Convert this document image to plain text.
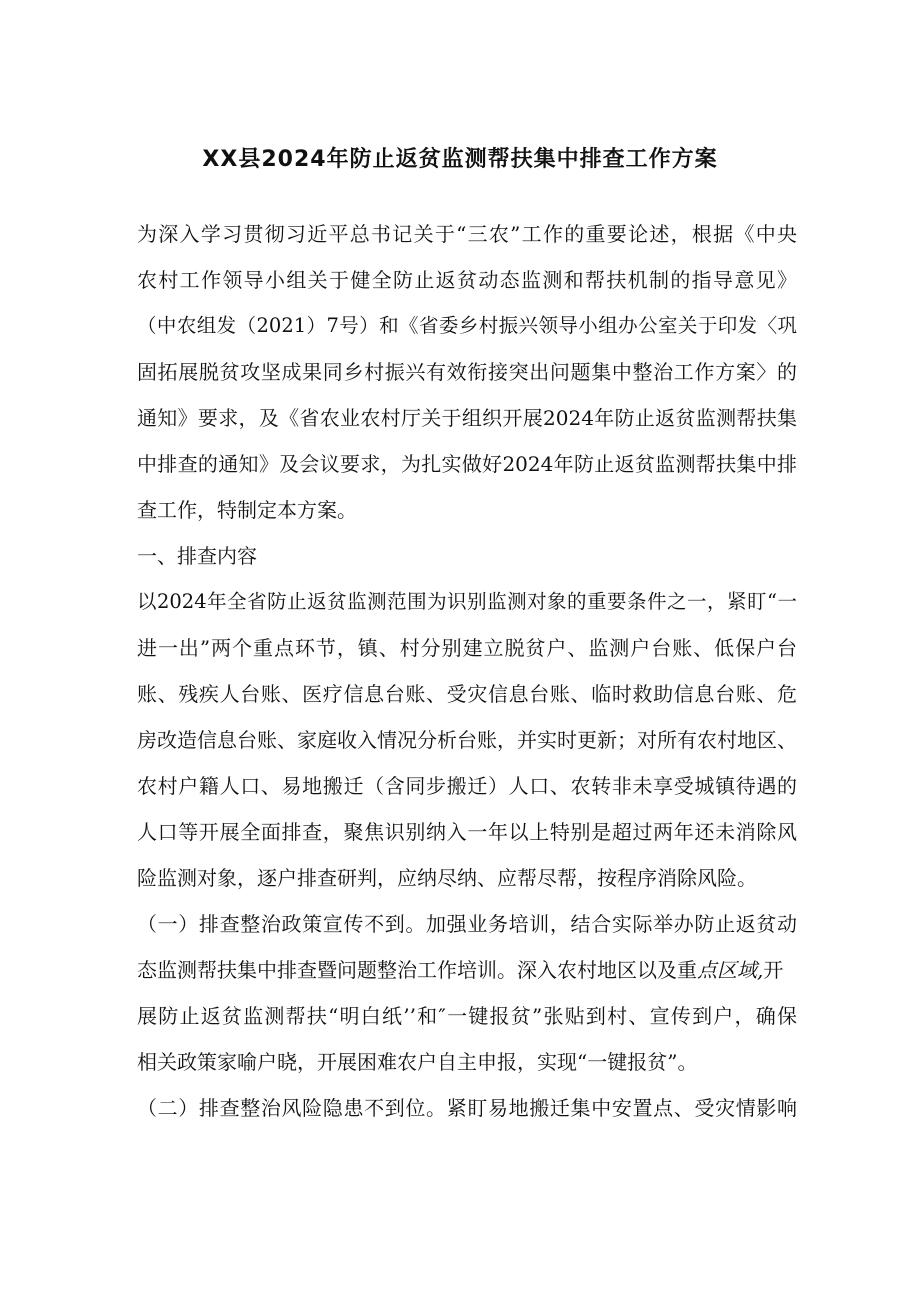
XX县2024年防止返贫监测帮扶集中排查工作方案

为深入学习贯彻习近平总书记关于“三农”工作的重要论述，根据《中央

农村工作领导小组关于健全防止返贫动态监测和帮扶机制的指导意见》

（中农组发（2021）7号）和《省委乡村振兴领导小组办公室关于印发〈巩

固拓展脱贫攻坚成果同乡村振兴有效衔接突出问题集中整治工作方案〉的

通知》要求，及《省农业农村厅关于组织开展2024年防止返贫监测帮扶集

中排查的通知》及会议要求，为扎实做好2024年防止返贫监测帮扶集中排

查工作，特制定本方案。

一、排查内容

以2024年全省防止返贫监测范围为识别监测对象的重要条件之一，紧盯“一

进一出”两个重点环节，镇、村分别建立脱贫户、监测户台账、低保户台

账、残疾人台账、医疗信息台账、受灾信息台账、临时救助信息台账、危

房改造信息台账、家庭收入情况分析台账，并实时更新；对所有农村地区、

农村户籍人口、易地搬迁（含同步搬迁）人口、农转非未享受城镇待遇的

人口等开展全面排查，聚焦识别纳入一年以上特别是超过两年还未消除风

险监测对象，逐户排查研判，应纳尽纳、应帮尽帮，按程序消除风险。

（一）排查整治政策宣传不到。加强业务培训，结合实际举办防止返贫动

态监测帮扶集中排查暨问题整治工作培训。深入农村地区以及重点区域,开

展防止返贫监测帮扶“明白纸’’和″一键报贫”张贴到村、宣传到户，确保

相关政策家喻户晓，开展困难农户自主申报，实现“一键报贫”。

（二）排查整治风险隐患不到位。紧盯易地搬迁集中安置点、受灾情影响
